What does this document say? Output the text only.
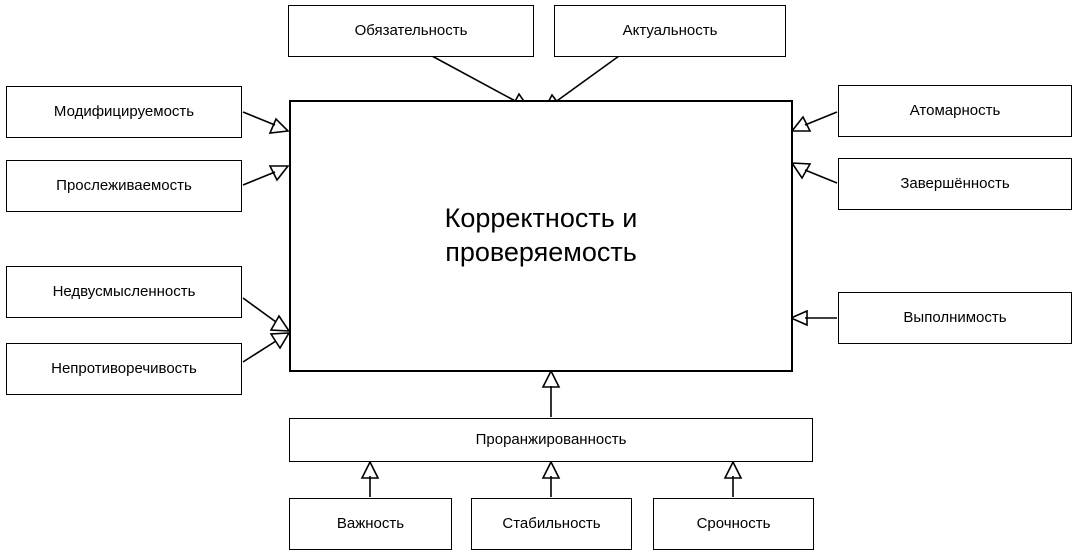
Корректность и
проверяемость
Обязательность	Актуальность
Модифицируемость
Прослеживаемость
Недвусмысленность
Непротиворечивость
Атомарность
Завершённость
Выполнимость
Проранжированность
Важность	Стабильность	Срочность
